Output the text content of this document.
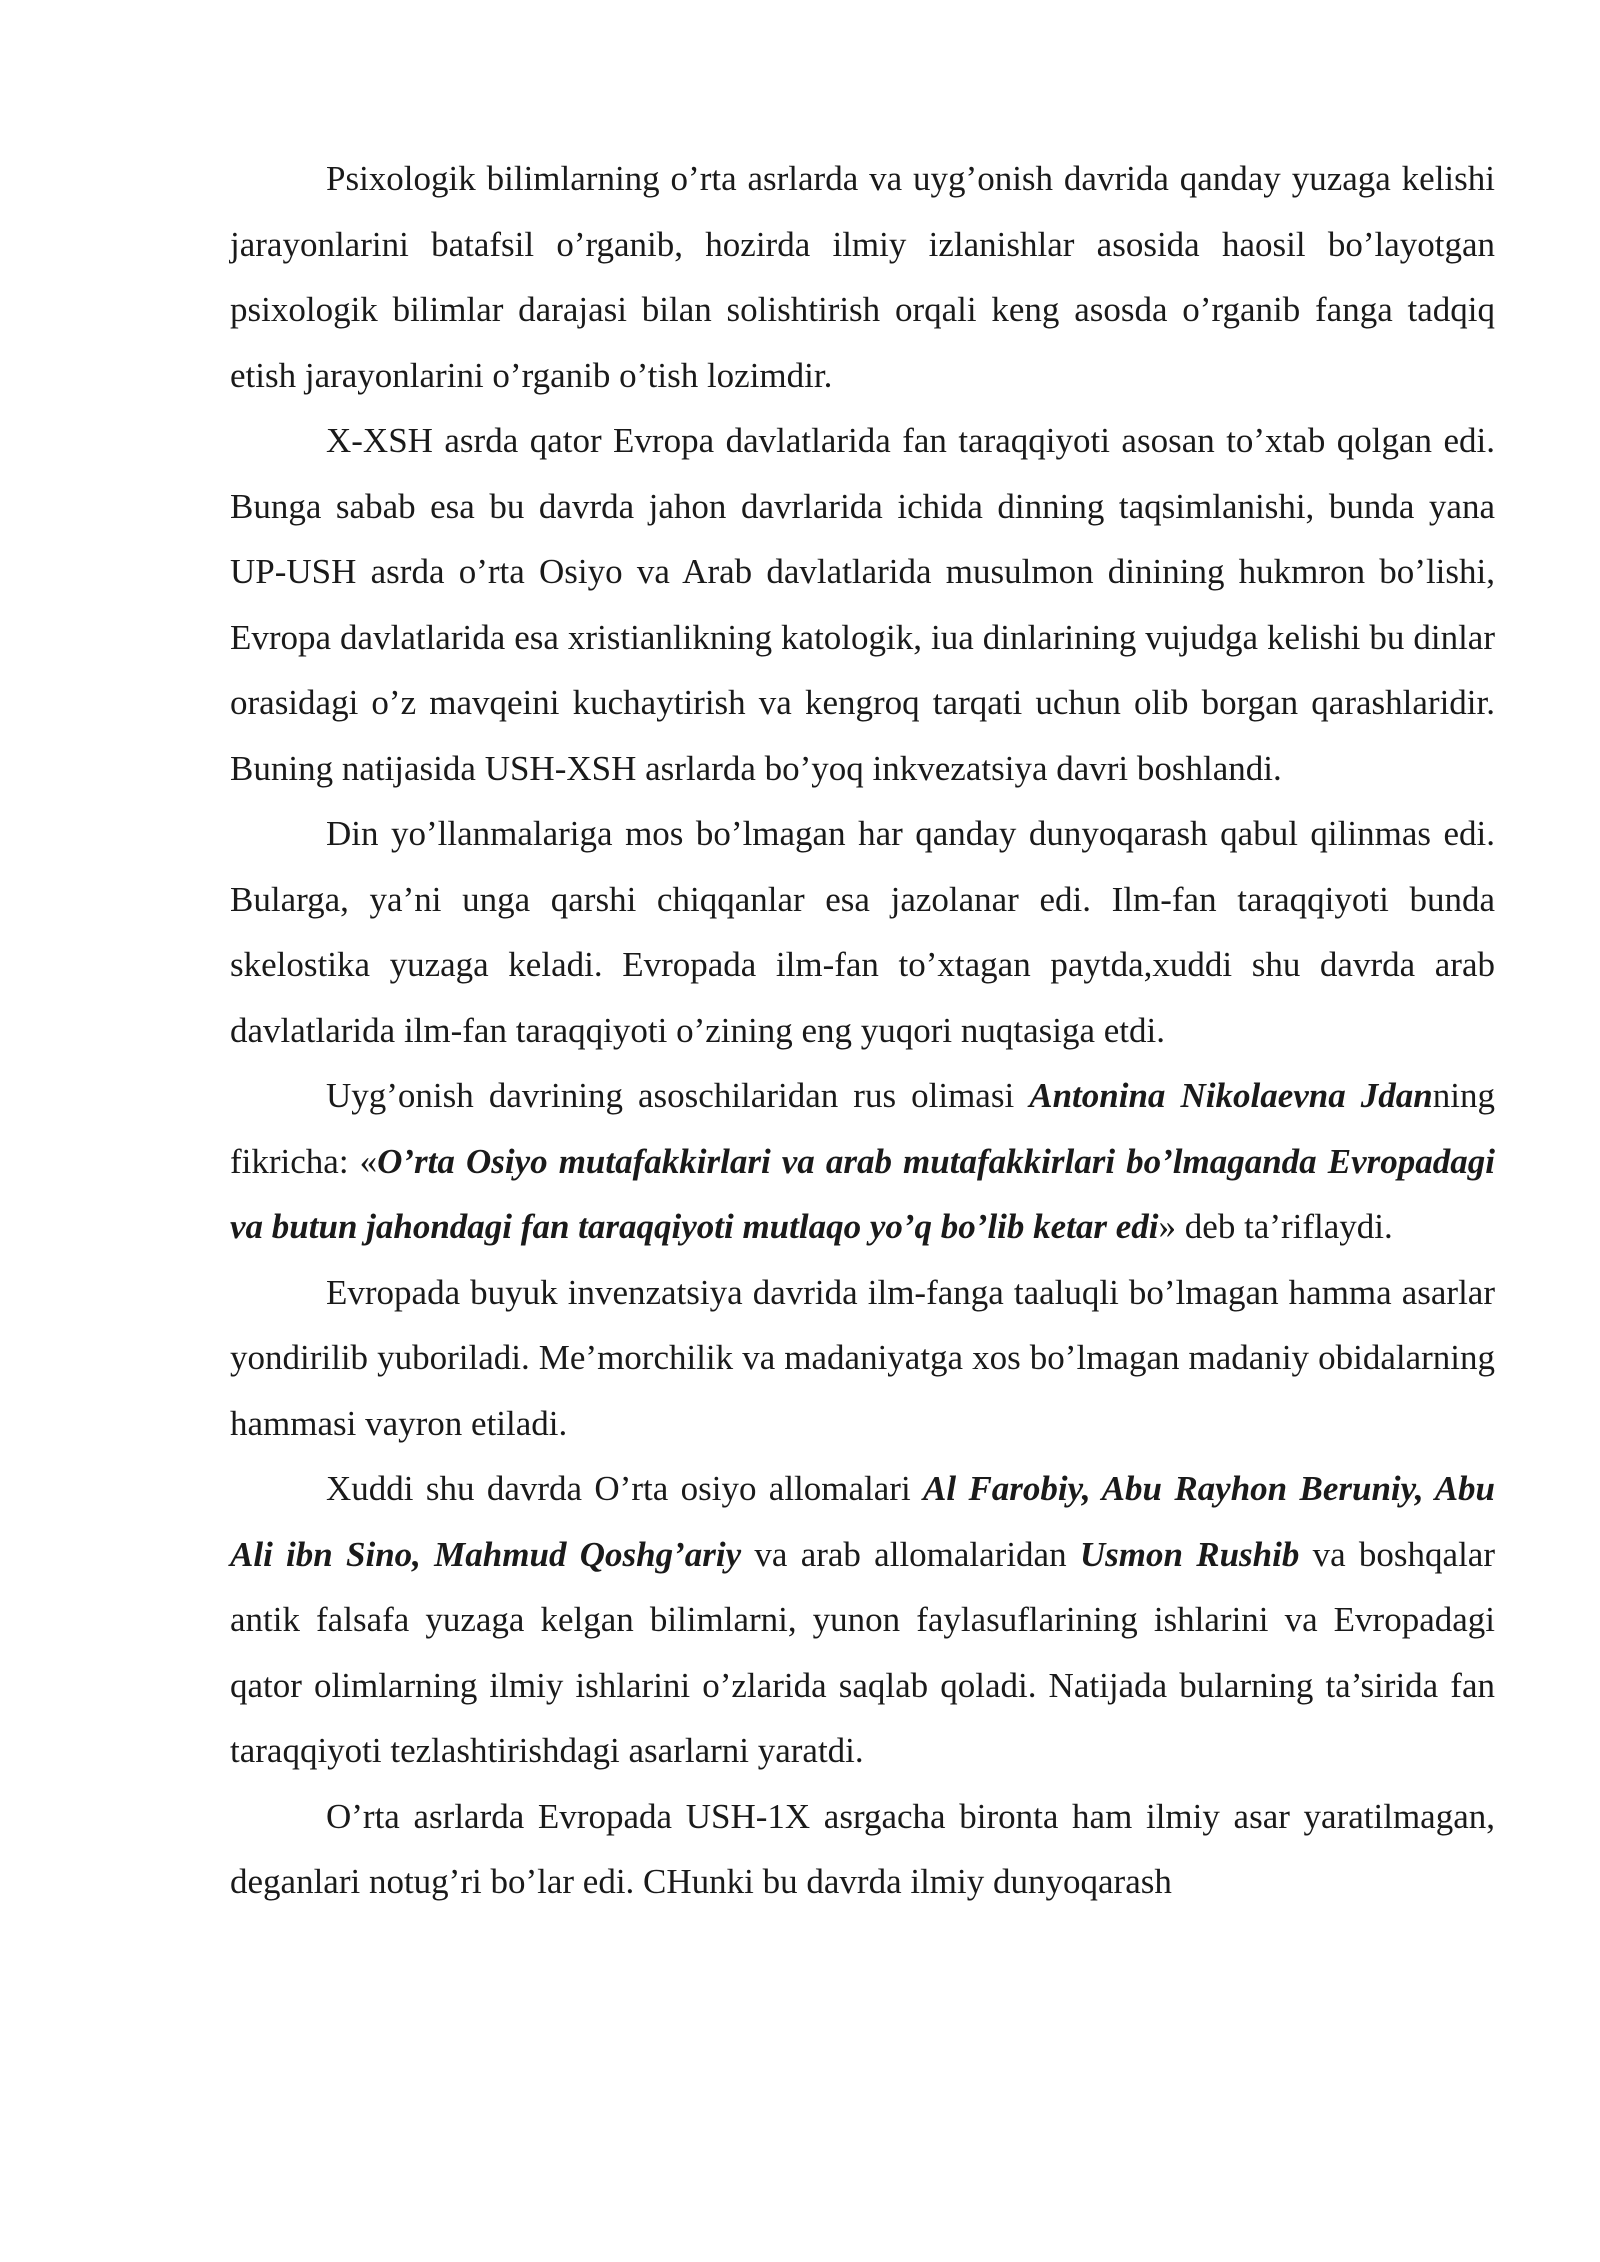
Psixologik bilimlarning o’rta asrlarda va uyg’onish davrida qanday yuzaga kelishi jarayonlarini batafsil o’rganib, hozirda ilmiy izlanishlar asosida haosil bo’layotgan psixologik bilimlar darajasi bilan solishtirish orqali keng asosda o’rganib fanga tadqiq etish jarayonlarini o’rganib o’tish lozimdir.

X-XSH asrda qator Evropa davlatlarida fan taraqqiyoti asosan to’xtab qolgan edi. Bunga sabab esa bu davrda jahon davrlarida ichida dinning taqsimlanishi, bunda yana UP-USH asrda o’rta Osiyo va Arab davlatlarida musulmon dinining hukmron bo’lishi, Evropa davlatlarida esa xristianlikning katologik, iua dinlarining vujudga kelishi bu dinlar orasidagi o’z mavqeini kuchaytirish va kengroq tarqati uchun olib borgan qarashlaridir. Buning natijasida USH-XSH asrlarda bo’yoq inkvezatsiya davri boshlandi.

Din yo’llanmalariga mos bo’lmagan har qanday dunyoqarash qabul qilinmas edi. Bularga, ya’ni unga qarshi chiqqanlar esa jazolanar edi. Ilm-fan taraqqiyoti bunda skelostika yuzaga keladi. Evropada ilm-fan to’xtagan paytda,xuddi shu davrda arab davlatlarida ilm-fan taraqqiyoti o’zining eng yuqori nuqtasiga etdi.

Uyg’onish davrining asoschilaridan rus olimasi Antonina Nikolaevna Jdanning fikricha: «O’rta Osiyo mutafakkirlari va arab mutafakkirlari bo’lmaganda Evropadagi va butun jahondagi fan taraqqiyoti mutlaqo yo’q bo’lib ketar edi» deb ta’riflaydi.

Evropada buyuk invenzatsiya davrida ilm-fanga taaluqli bo’lmagan hamma asarlar yondirilib yuboriladi. Me’morchilik va madaniyatga xos bo’lmagan madaniy obidalarning hammasi vayron etiladi.

Xuddi shu davrda O’rta osiyo allomalari Al Farobiy, Abu Rayhon Beruniy, Abu Ali ibn Sino, Mahmud Qoshg’ariy va arab allomalaridan Usmon Rushib va boshqalar antik falsafa yuzaga kelgan bilimlarni, yunon faylasuflarining ishlarini va Evropadagi qator olimlarning ilmiy ishlarini o’zlarida saqlab qoladi. Natijada bularning ta’sirida fan taraqqiyoti tezlashtirishdagi asarlarni yaratdi.

O’rta asrlarda Evropada USH-1X asrgacha bironta ham ilmiy asar yaratilmagan, deganlari notug’ri bo’lar edi. CHunki bu davrda ilmiy dunyoqarash
